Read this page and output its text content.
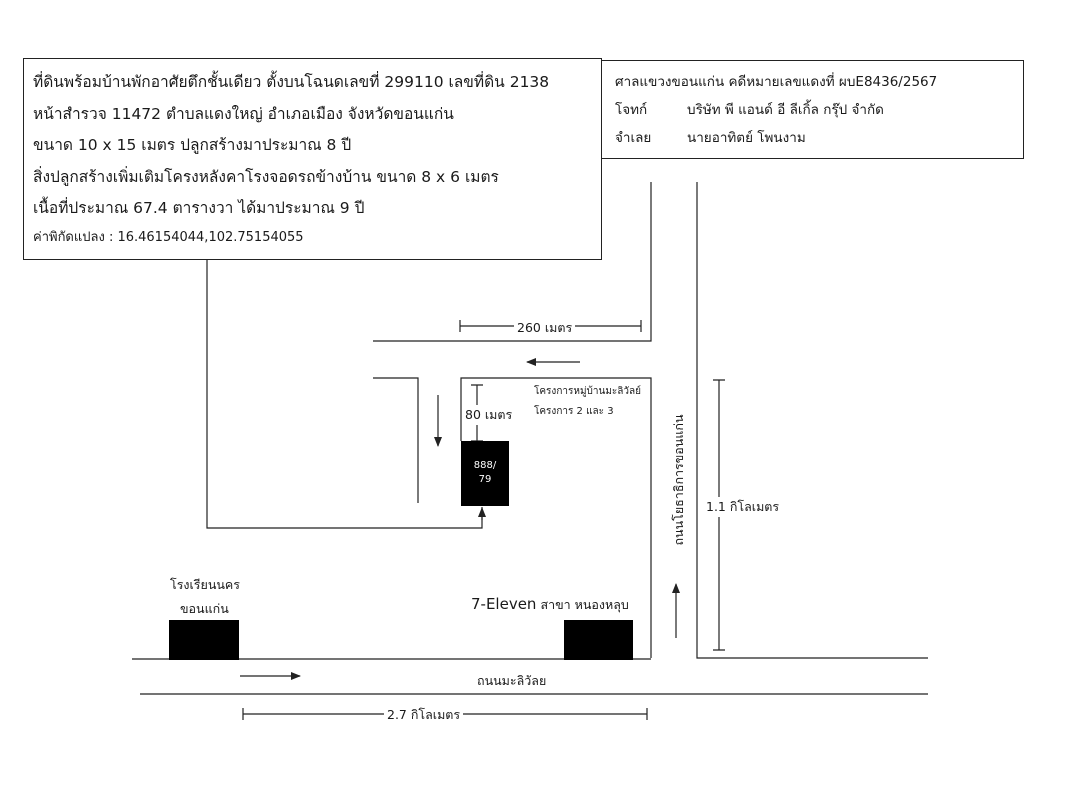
ที่ดินพร้อมบ้านพักอาศัยตึกชั้นเดียว ตั้งบนโฉนดเลขที่ 299110 เลขที่ดิน 2138
หน้าสำรวจ 11472 ตำบลแดงใหญ่ อำเภอเมือง จังหวัดขอนแก่น
ขนาด 10 x 15 เมตร ปลูกสร้างมาประมาณ 8 ปี
สิ่งปลูกสร้างเพิ่มเติมโครงหลังคาโรงจอดรถข้างบ้าน ขนาด 8 x 6 เมตร
เนื้อที่ประมาณ 67.4 ตารางวา ได้มาประมาณ 9 ปี
ค่าพิกัดแปลง : 16.46154044,102.75154055
ศาลแขวงขอนแก่น คดีหมายเลขแดงที่ ผบE8436/2567
โจทก์	บริษัท พี แอนด์ อี ลีเกิ้ล กรุ๊ป จำกัด
จำเลย	นายอาทิตย์ โพนงาม
260 เมตร
80 เมตร
โครงการหมู่บ้านมะลิวัลย์
โครงการ 2 และ 3
888/
79	ถนนโยธาธิการขอนแก่น 1.1 กิโลเมตร
โรงเรียนนคร
ขอนแก่น	7-Eleven สาขา หนองหลุบ
ถนนมะลิวัลย
2.7 กิโลเมตร
